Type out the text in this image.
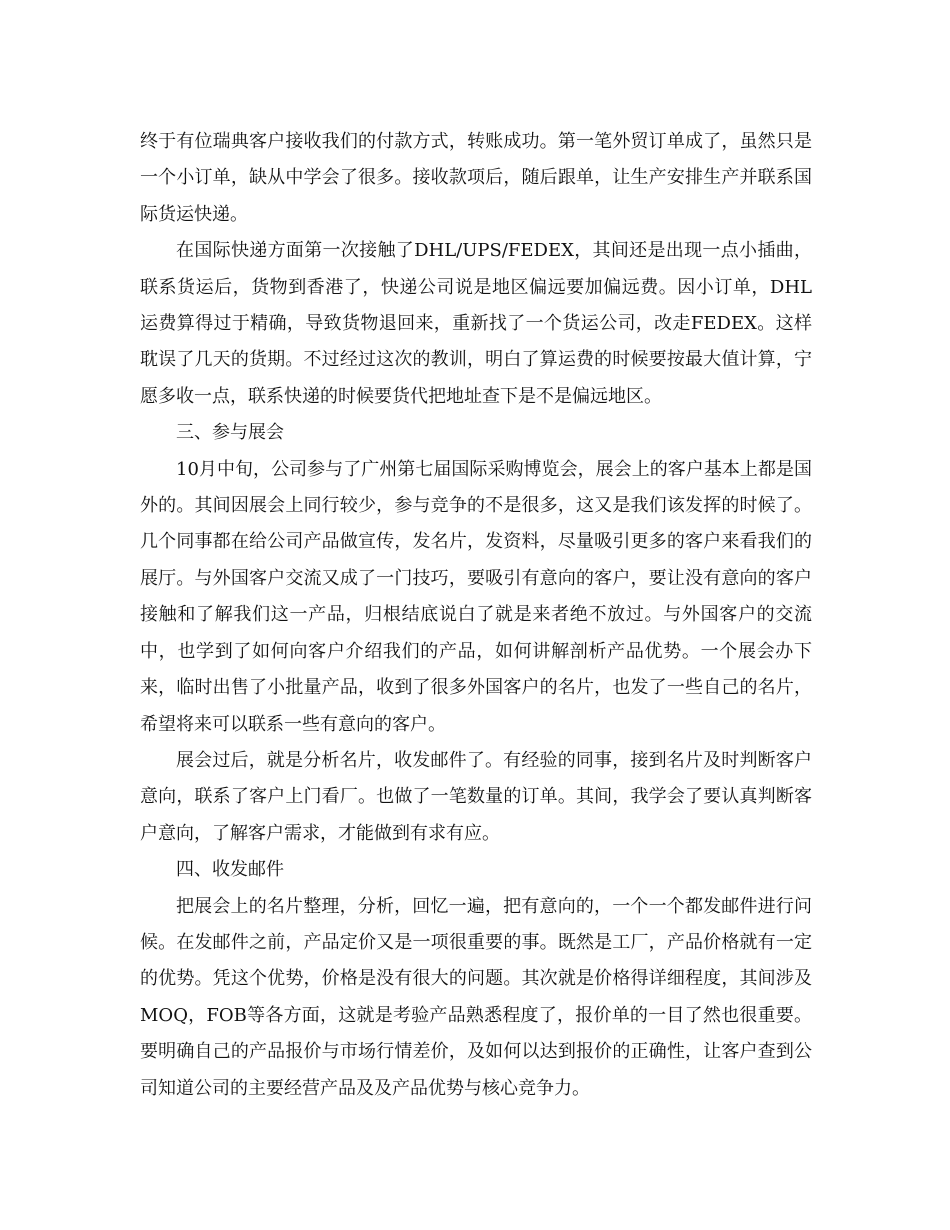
终于有位瑞典客户接收我们的付款方式，转账成功。第一笔外贸订单成了，虽然只是一个小订单，缺从中学会了很多。接收款项后，随后跟单，让生产安排生产并联系国际货运快递。

在国际快递方面第一次接触了DHL/UPS/FEDEX，其间还是出现一点小插曲，联系货运后，货物到香港了，快递公司说是地区偏远要加偏远费。因小订单，DHL运费算得过于精确，导致货物退回来，重新找了一个货运公司，改走FEDEX。这样耽误了几天的货期。不过经过这次的教训，明白了算运费的时候要按最大值计算，宁愿多收一点，联系快递的时候要货代把地址查下是不是偏远地区。

三、参与展会

10月中旬，公司参与了广州第七届国际采购博览会，展会上的客户基本上都是国外的。其间因展会上同行较少，参与竞争的不是很多，这又是我们该发挥的时候了。几个同事都在给公司产品做宣传，发名片，发资料，尽量吸引更多的客户来看我们的展厅。与外国客户交流又成了一门技巧，要吸引有意向的客户，要让没有意向的客户接触和了解我们这一产品，归根结底说白了就是来者绝不放过。与外国客户的交流中，也学到了如何向客户介绍我们的产品，如何讲解剖析产品优势。一个展会办下来，临时出售了小批量产品，收到了很多外国客户的名片，也发了一些自己的名片，希望将来可以联系一些有意向的客户。

展会过后，就是分析名片，收发邮件了。有经验的同事，接到名片及时判断客户意向，联系了客户上门看厂。也做了一笔数量的订单。其间，我学会了要认真判断客户意向，了解客户需求，才能做到有求有应。

四、收发邮件

把展会上的名片整理，分析，回忆一遍，把有意向的，一个一个都发邮件进行问候。在发邮件之前，产品定价又是一项很重要的事。既然是工厂，产品价格就有一定的优势。凭这个优势，价格是没有很大的问题。其次就是价格得详细程度，其间涉及MOQ，FOB等各方面，这就是考验产品熟悉程度了，报价单的一目了然也很重要。要明确自己的产品报价与市场行情差价，及如何以达到报价的正确性，让客户查到公司知道公司的主要经营产品及及产品优势与核心竞争力。
